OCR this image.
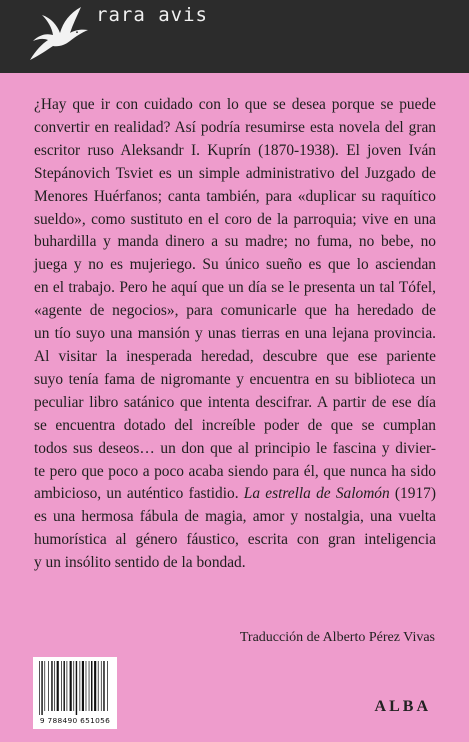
rara avis
¿Hay que ir con cuidado con lo que se desea porque se puede
convertir en realidad? Así podría resumirse esta novela del gran
escritor ruso Aleksandr I. Kuprín (1870-1938). El joven Iván
Stepánovich Tsviet es un simple administrativo del Juzgado de
Menores Huérfanos; canta también, para «duplicar su raquítico
sueldo», como sustituto en el coro de la parroquia; vive en una
buhardilla y manda dinero a su madre; no fuma, no bebe, no
juega y no es mujeriego. Su único sueño es que lo asciendan
en el trabajo. Pero he aquí que un día se le presenta un tal Tófel,
«agente de negocios», para comunicarle que ha heredado de
un tío suyo una mansión y unas tierras en una lejana provincia.
Al visitar la inesperada heredad, descubre que ese pariente
suyo tenía fama de nigromante y encuentra en su biblioteca un
peculiar libro satánico que intenta descifrar. A partir de ese día
se encuentra dotado del increíble poder de que se cumplan
todos sus deseos… un don que al principio le fascina y divier-
te pero que poco a poco acaba siendo para él, que nunca ha sido
ambicioso, un auténtico fastidio. La estrella de Salomón (1917)
es una hermosa fábula de magia, amor y nostalgia, una vuelta
humorística al género fáustico, escrita con gran inteligencia
y un insólito sentido de la bondad.
Traducción de Alberto Pérez Vivas
9 788490 651056
ALBA
